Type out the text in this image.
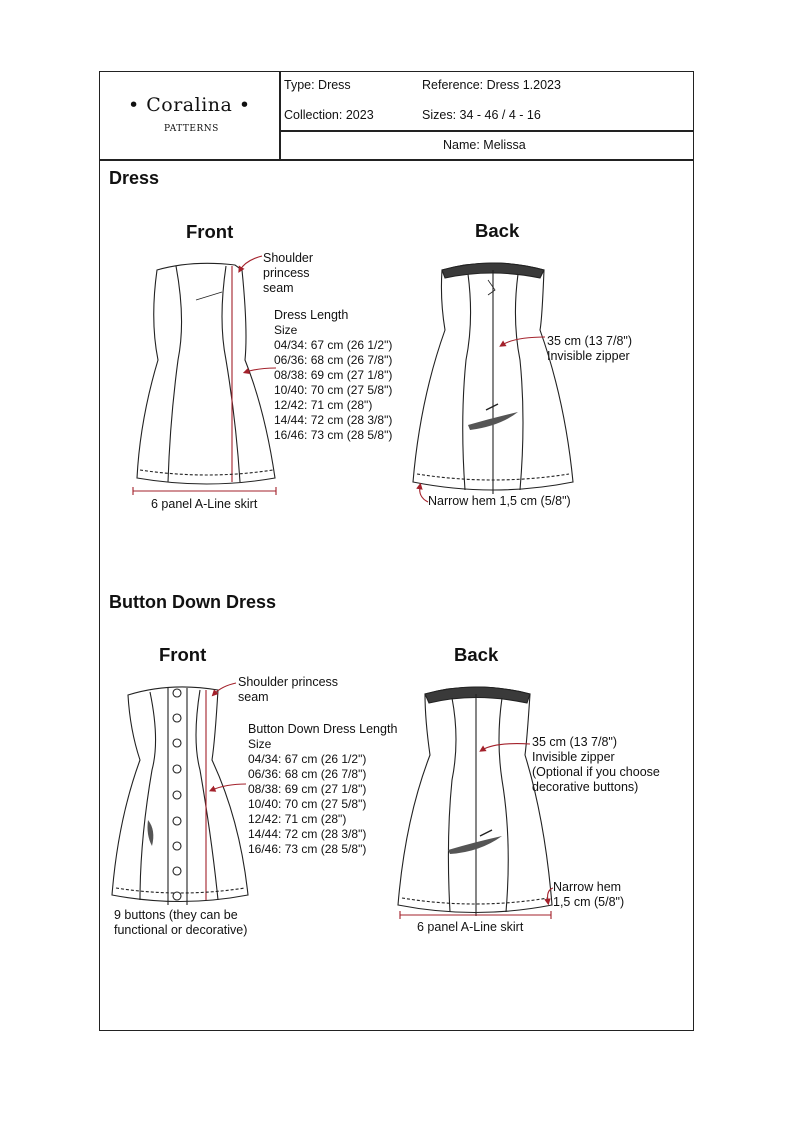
• Coralina •
PATTERNS
Type: Dress	Reference: Dress 1.2023
Collection: 2023	Sizes: 34 - 46 / 4 - 16
Name: Melissa
Dress
Front	Back
Shoulder
princess
seam
Dress Length
Size
04/34: 67 cm (26 1/2")
06/36: 68 cm (26 7/8")
08/38: 69 cm (27 1/8")
10/40: 70 cm (27 5/8")
12/42: 71 cm (28")
14/44: 72 cm (28 3/8")
16/46: 73 cm (28 5/8")
6 panel A-Line skirt
35 cm (13 7/8")
Invisible zipper
Narrow hem 1,5 cm (5/8")
Button Down Dress
Front	Back
Shoulder princess
seam
Button Down Dress Length
Size
04/34: 67 cm (26 1/2")
06/36: 68 cm (26 7/8")
08/38: 69 cm (27 1/8")
10/40: 70 cm (27 5/8")
12/42: 71 cm (28")
14/44: 72 cm (28 3/8")
16/46: 73 cm (28 5/8")
9 buttons (they can be
functional or decorative)
35 cm (13 7/8")
Invisible zipper
(Optional if you choose
decorative buttons)
Narrow hem
1,5 cm (5/8")
6 panel A-Line skirt
